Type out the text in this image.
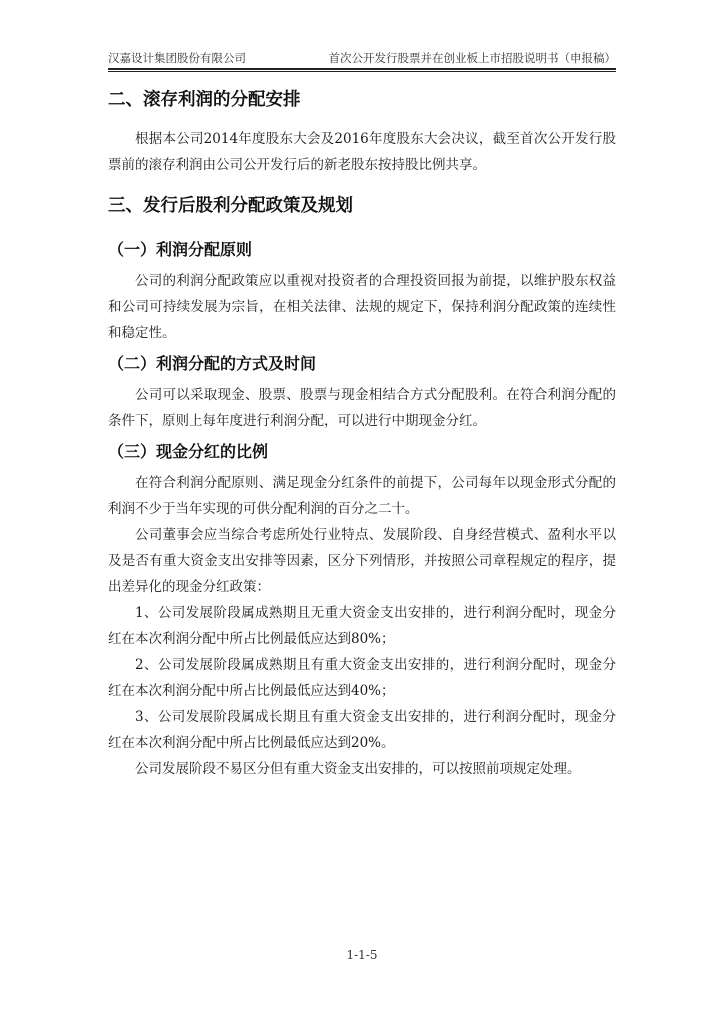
汉嘉设计集团股份有限公司	首次公开发行股票并在创业板上市招股说明书（申报稿）
二、滚存利润的分配安排

根据本公司2014年度股东大会及2016年度股东大会决议，截至首次公开发行股票前的滚存利润由公司公开发行后的新老股东按持股比例共享。

三、发行后股利分配政策及规划
（一）利润分配原则

公司的利润分配政策应以重视对投资者的合理投资回报为前提，以维护股东权益和公司可持续发展为宗旨，在相关法律、法规的规定下，保持利润分配政策的连续性和稳定性。

（二）利润分配的方式及时间

公司可以采取现金、股票、股票与现金相结合方式分配股利。在符合利润分配的条件下，原则上每年度进行利润分配，可以进行中期现金分红。

（三）现金分红的比例

在符合利润分配原则、满足现金分红条件的前提下，公司每年以现金形式分配的利润不少于当年实现的可供分配利润的百分之二十。

公司董事会应当综合考虑所处行业特点、发展阶段、自身经营模式、盈利水平以及是否有重大资金支出安排等因素，区分下列情形，并按照公司章程规定的程序，提出差异化的现金分红政策：

1、公司发展阶段属成熟期且无重大资金支出安排的，进行利润分配时，现金分红在本次利润分配中所占比例最低应达到80%；

2、公司发展阶段属成熟期且有重大资金支出安排的，进行利润分配时，现金分红在本次利润分配中所占比例最低应达到40%；

3、公司发展阶段属成长期且有重大资金支出安排的，进行利润分配时，现金分红在本次利润分配中所占比例最低应达到20%。

公司发展阶段不易区分但有重大资金支出安排的，可以按照前项规定处理。

1-1-5
